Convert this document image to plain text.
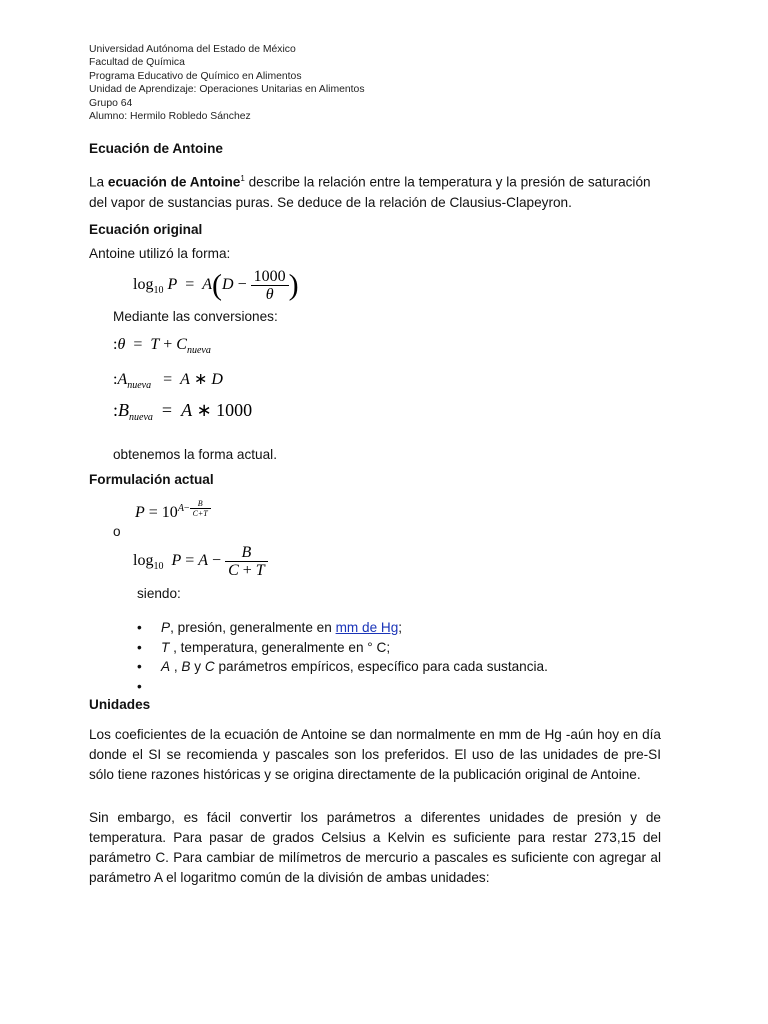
Universidad Autónoma del Estado de México
Facultad de Química
Programa Educativo de Químico en Alimentos
Unidad de Aprendizaje: Operaciones Unitarias en Alimentos
Grupo 64
Alumno: Hermilo Robledo Sánchez
Ecuación de Antoine
La ecuación de Antoine$^1$ describe la relación entre la temperatura y la presión de saturación del vapor de sustancias puras. Se deduce de la relación de Clausius-Clapeyron.
Ecuación original
Antoine utilizó la forma:
$\log_{10} P = A(D - \frac{1000}{\theta}$ )
Mediante las conversiones:
:θ  =  $T + C_{nueva}$
$:A_{nueva} = A$ ∗ D
$:B_{nueva} = A$ ∗ 1000
obtenemos la forma actual.
Formulación actual
$P = 10^{A- \frac{B}{C+T}}$
o
$\log_{10} P = A - \frac{B}{C + T}$
siendo:
• P, presión, generalmente en mm de Hg;
• T , temperatura, generalmente en ° C;
• A , B y C parámetros empíricos, específico para cada sustancia.
•
Unidades
Los coeficientes de la ecuación de Antoine se dan normalmente en mm de Hg -aún hoy en día donde el SI se recomienda y pascales son los preferidos. El uso de las unidades de pre-SI sólo tiene razones históricas y se origina directamente de la publicación original de Antoine.
Sin embargo, es fácil convertir los parámetros a diferentes unidades de presión y de temperatura. Para pasar de grados Celsius a Kelvin es suficiente para restar 273,15 del parámetro C. Para cambiar de milímetros de mercurio a pascales es suficiente con agregar al parámetro A el logaritmo común de la división de ambas unidades:
